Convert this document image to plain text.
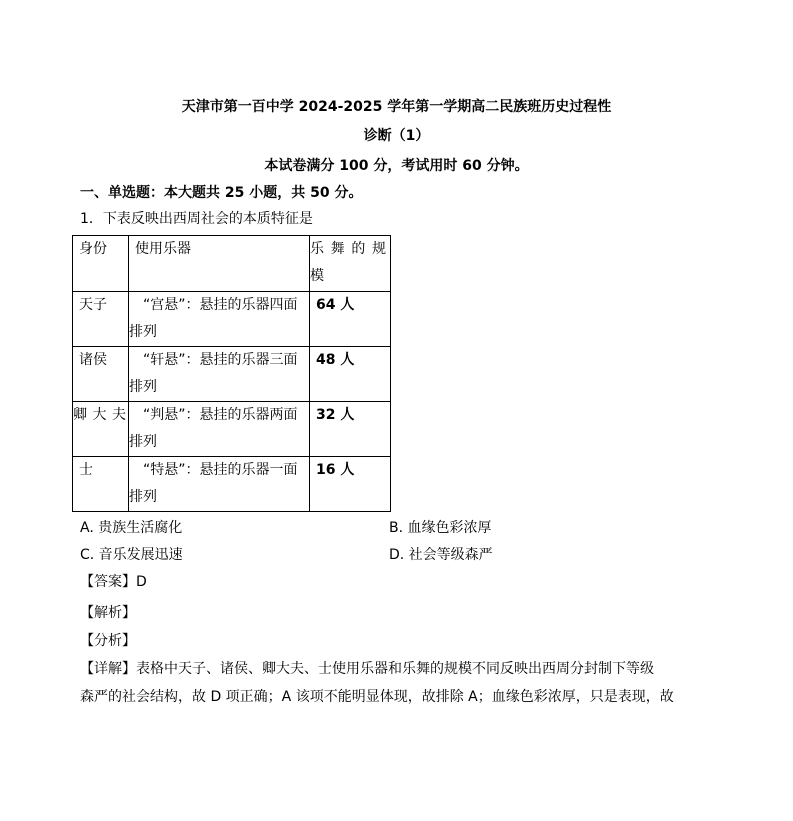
天津市第一百中学 2024-2025 学年第一学期高二民族班历史过程性
诊断（1）
本试卷满分 100 分，考试用时 60 分钟。
一、单选题：本大题共 25 小题，共 50 分。
1．下表反映出西周社会的本质特征是
身份	使用乐器	乐舞的规模
天子	“宫悬”：悬挂的乐器四面排列	64 人
诸侯	“轩悬”：悬挂的乐器三面排列	48 人
卿大夫	“判悬”：悬挂的乐器两面排列	32 人
士	“特悬”：悬挂的乐器一面排列	16 人
A. 贵族生活腐化	B. 血缘色彩浓厚
C. 音乐发展迅速	D. 社会等级森严
【答案】D
【解析】
【分析】
【详解】表格中天子、诸侯、卿大夫、士使用乐器和乐舞的规模不同反映出西周分封制下等级
森严的社会结构，故 D 项正确；A 该项不能明显体现，故排除 A；血缘色彩浓厚，只是表现，故
